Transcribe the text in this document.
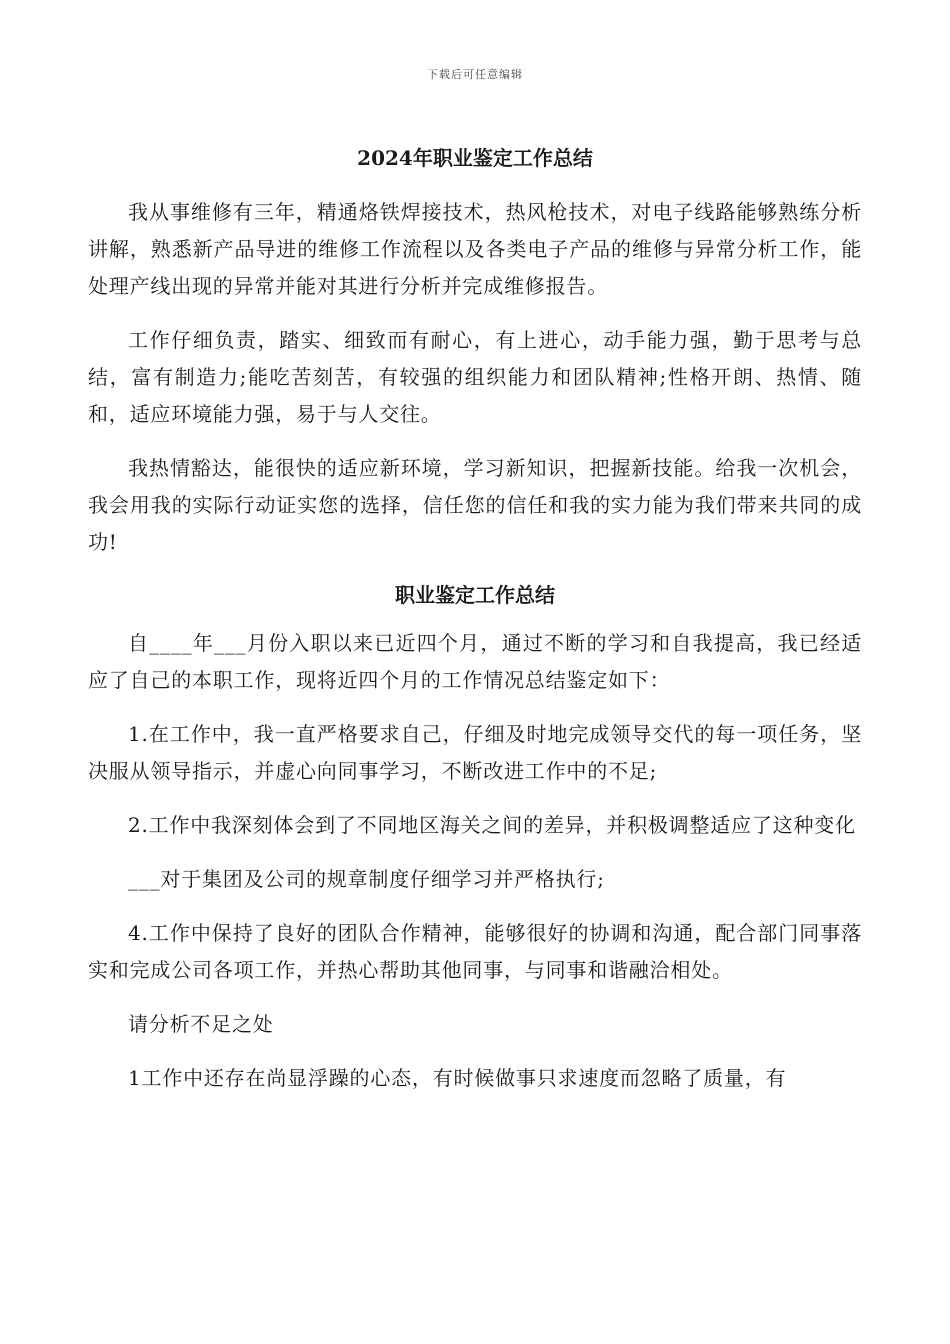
下载后可任意编辑
2024年职业鉴定工作总结

我从事维修有三年，精通烙铁焊接技术，热风枪技术，对电子线路能够熟练分析讲解，熟悉新产品导进的维修工作流程以及各类电子产品的维修与异常分析工作，能处理产线出现的异常并能对其进行分析并完成维修报告。

工作仔细负责，踏实、细致而有耐心，有上进心，动手能力强，勤于思考与总结，富有制造力;能吃苦刻苦，有较强的组织能力和团队精神;性格开朗、热情、随和，适应环境能力强，易于与人交往。

我热情豁达，能很快的适应新环境，学习新知识，把握新技能。给我一次机会，我会用我的实际行动证实您的选择，信任您的信任和我的实力能为我们带来共同的成功!

职业鉴定工作总结

自____年___月份入职以来已近四个月，通过不断的学习和自我提高，我已经适应了自己的本职工作，现将近四个月的工作情况总结鉴定如下：

1.在工作中，我一直严格要求自己，仔细及时地完成领导交代的每一项任务，坚决服从领导指示，并虚心向同事学习，不断改进工作中的不足;

2.工作中我深刻体会到了不同地区海关之间的差异，并积极调整适应了这种变化

___对于集团及公司的规章制度仔细学习并严格执行;

4.工作中保持了良好的团队合作精神，能够很好的协调和沟通，配合部门同事落实和完成公司各项工作，并热心帮助其他同事，与同事和谐融洽相处。

请分析不足之处

1工作中还存在尚显浮躁的心态，有时候做事只求速度而忽略了质量，有
